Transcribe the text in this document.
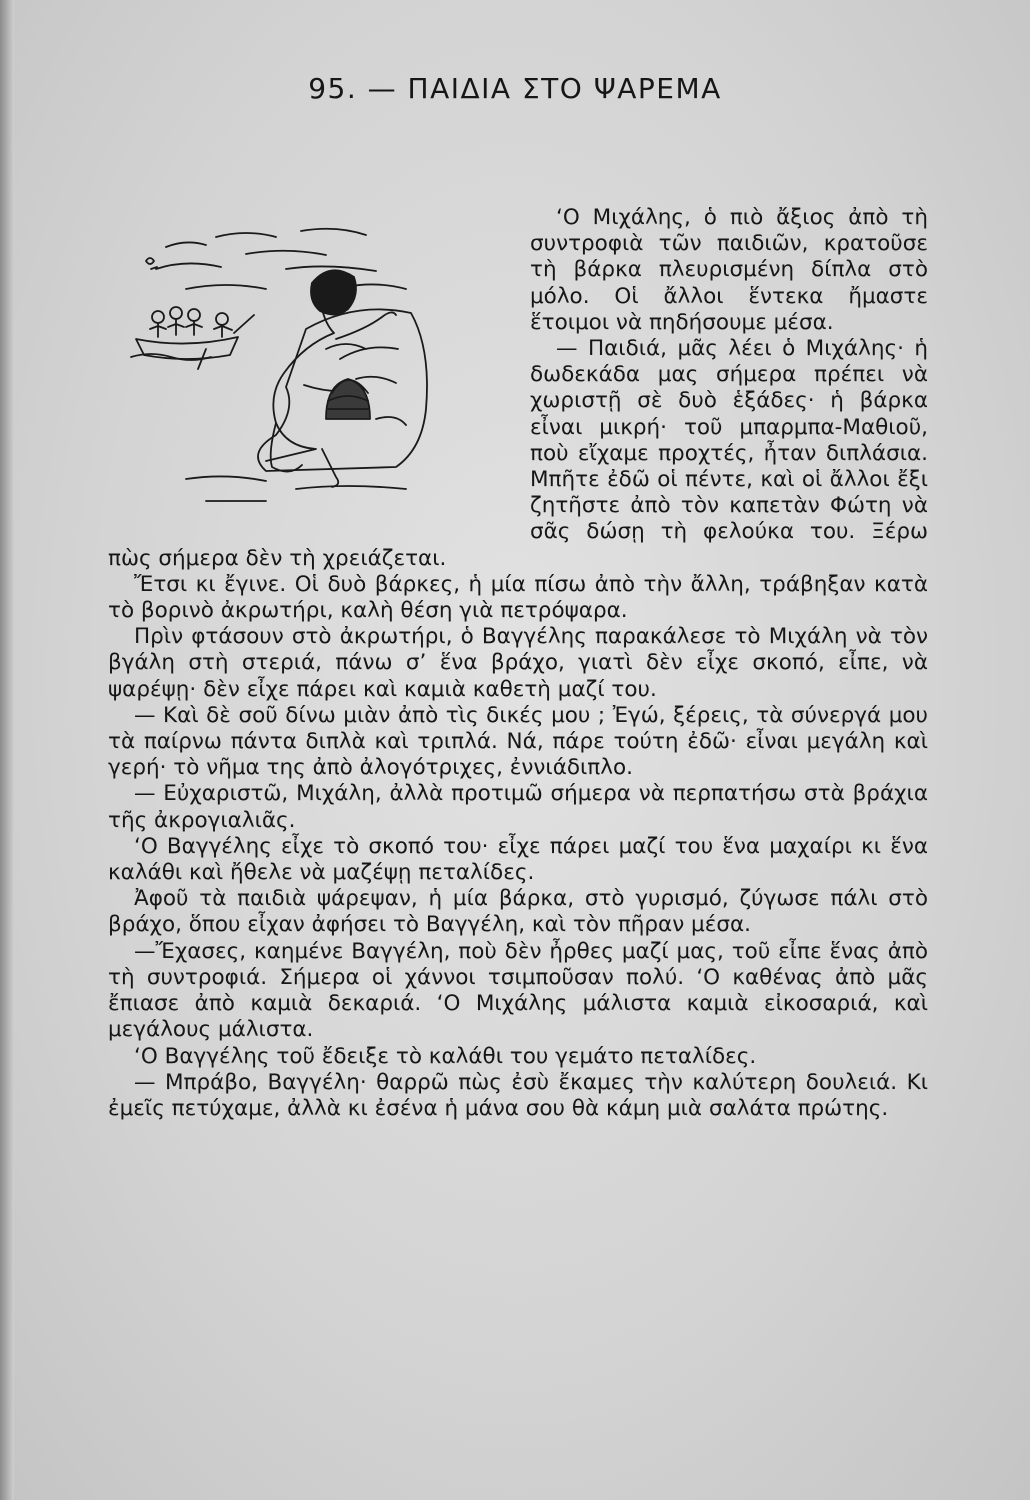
95. — ΠΑΙΔΙΑ ΣΤΟ ΨΑΡΕΜΑ

‘Ο Μιχάλης, ὁ πιὸ ἄξιος ἀπὸ τὴ συντροφιὰ τῶν παιδιῶν, κρατοῦσε τὴ βάρκα πλευρισμένη δίπλα στὸ μόλο. Οἱ ἄλλοι ἕντεκα ἤμαστε ἕτοιμοι νὰ πηδήσουμε μέσα.

— Παιδιά, μᾶς λέει ὁ Μιχάλης· ἡ δωδεκάδα μας σήμερα πρέπει νὰ χωριστῇ σὲ δυὸ ἑξάδες· ἡ βάρκα εἶναι μικρή· τοῦ μπαρμπα-Μαθιοῦ, ποὺ εἴχαμε προχτές, ἦταν διπλάσια. Μπῆτε ἐδῶ οἱ πέντε, καὶ οἱ ἄλλοι ἔξι ζητῆστε ἀπὸ τὸν καπετὰν Φώτη νὰ σᾶς δώσῃ τὴ φελούκα του. Ξέρω πὼς σήμερα δὲν τὴ χρειάζεται.

Ἔτσι κι ἔγινε. Οἱ δυὸ βάρκες, ἡ μία πίσω ἀπὸ τὴν ἄλλη, τράβηξαν κατὰ τὸ βορινὸ ἀκρωτήρι, καλὴ θέση γιὰ πετρόψαρα.

Πρὶν φτάσουν στὸ ἀκρωτήρι, ὁ Βαγγέλης παρακάλεσε τὸ Μιχάλη νὰ τὸν βγάλη στὴ στεριά, πάνω σ’ ἕνα βράχο, γιατὶ δὲν εἶχε σκοπό, εἶπε, νὰ ψαρέψῃ· δὲν εἶχε πάρει καὶ καμιὰ καθετὴ μαζί του.

— Καὶ δὲ σοῦ δίνω μιὰν ἀπὸ τὶς δικές μου ; Ἐγώ, ξέρεις, τὰ σύνεργά μου τὰ παίρνω πάντα διπλὰ καὶ τριπλά. Νά, πάρε τούτη ἐδῶ· εἶναι μεγάλη καὶ γερή· τὸ νῆμα της ἀπὸ ἀλογότριχες, ἐννιάδιπλο.

— Εὐχαριστῶ, Μιχάλη, ἀλλὰ προτιμῶ σήμερα νὰ περπατήσω στὰ βράχια τῆς ἀκρογιαλιᾶς.

‘Ο Βαγγέλης εἶχε τὸ σκοπό του· εἶχε πάρει μαζί του ἕνα μαχαίρι κι ἕνα καλάθι καὶ ἤθελε νὰ μαζέψῃ πεταλίδες.

Ἀφοῦ τὰ παιδιὰ ψάρεψαν, ἡ μία βάρκα, στὸ γυρισμό, ζύγωσε πάλι στὸ βράχο, ὅπου εἶχαν ἀφήσει τὸ Βαγγέλη, καὶ τὸν πῆραν μέσα.

—Ἔχασες, καημένε Βαγγέλη, ποὺ δὲν ἦρθες μαζί μας, τοῦ εἶπε ἕνας ἀπὸ τὴ συντροφιά. Σήμερα οἱ χάννοι τσιμποῦσαν πολύ. ‘Ο καθένας ἀπὸ μᾶς ἔπιασε ἀπὸ καμιὰ δεκαριά. ‘Ο Μιχάλης μάλιστα καμιὰ εἰκοσαριά, καὶ μεγάλους μάλιστα.

‘Ο Βαγγέλης τοῦ ἔδειξε τὸ καλάθι του γεμάτο πεταλίδες.

— Μπράβο, Βαγγέλη· θαρρῶ πὼς ἐσὺ ἔκαμες τὴν καλύτερη δουλειά. Κι ἐμεῖς πετύχαμε, ἀλλὰ κι ἐσένα ἡ μάνα σου θὰ κάμη μιὰ σαλάτα πρώτης.
